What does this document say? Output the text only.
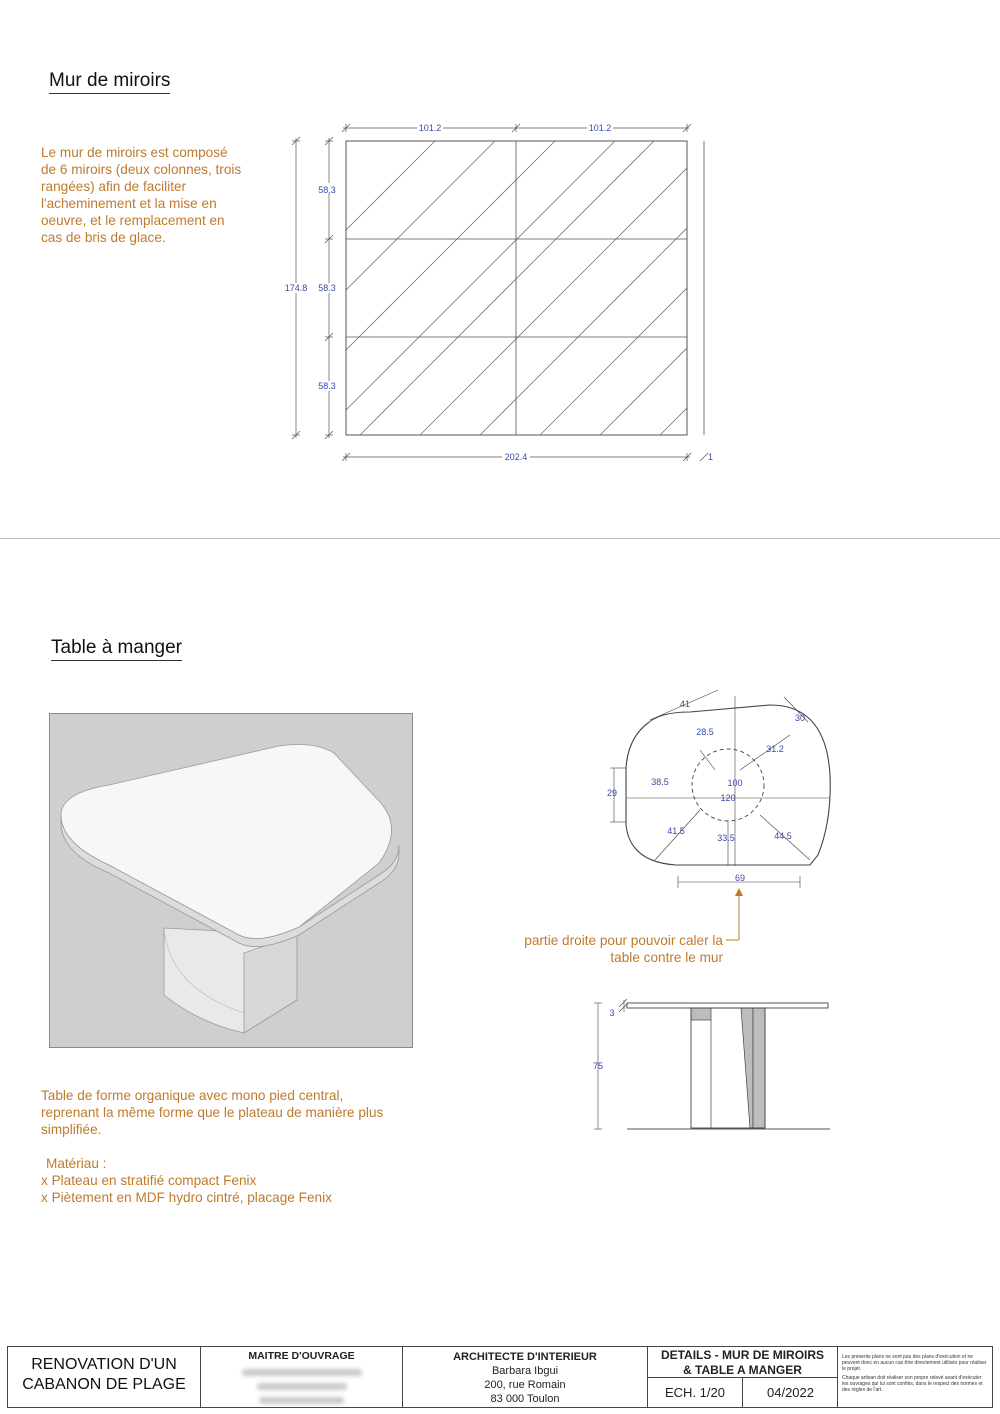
Mur de miroirs
Le mur de miroirs est composé
de 6 miroirs (deux colonnes, trois
rangées) afin de faciliter
l'acheminement et la mise en
oeuvre, et le remplacement en
cas de bris de glace.
101.2	101.2
202.4	1
174.8
58.3
58.3
58.3
Table à manger
Table de forme organique avec mono pied central,
reprenant la même forme que le plateau de manière plus
simplifiée.
Matériau :
x Plateau en stratifié compact Fenix
x Piètement en MDF hydro cintré, placage Fenix
41
30
28.5
31.2
100
38.5
29	120
41.5
33.5	44.5
69
partie droite pour pouvoir caler la
table contre le mur
3
75
RENOVATION D'UN
CABANON DE PLAGE
MAITRE D'OUVRAGE	ARCHITECTE D'INTERIEUR
Barbara Ibgui
200, rue Romain
83 000 Toulon
DETAILS - MUR DE MIROIRS
& TABLE A MANGER
ECH. 1/20	04/2022
Les présents plans ne sont pas des plans d'exécution et ne peuvent donc en aucun cas être directement utilisés pour réaliser le projet.
Chaque artisan doit réaliser son propre relevé avant d'exécuter les ouvrages qui lui sont confiés, dans le respect des normes et des règles de l'art.
